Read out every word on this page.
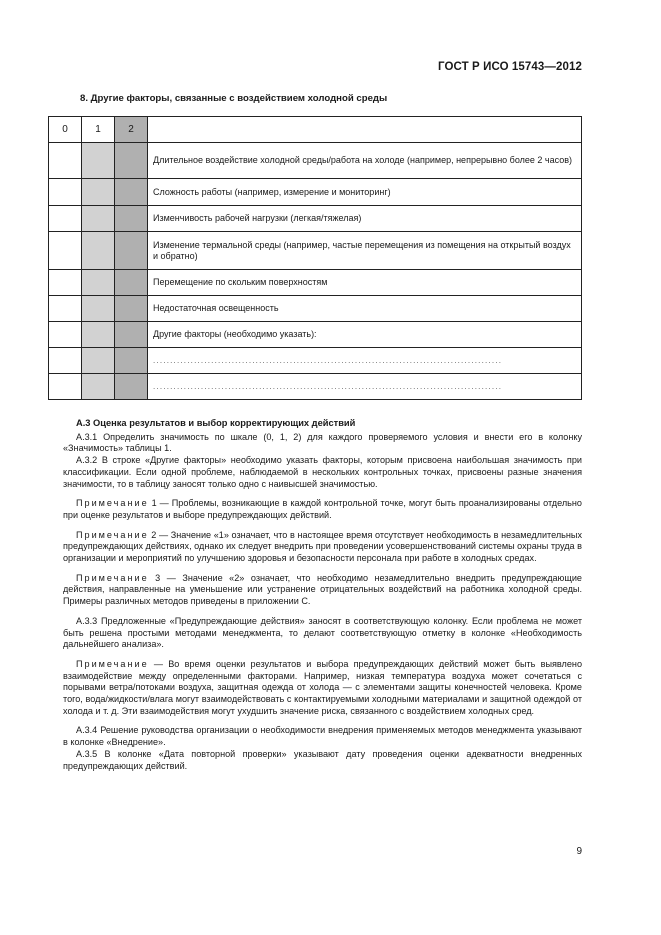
ГОСТ Р ИСО 15743—2012
8. Другие факторы, связанные с воздействием холодной среды
0	1	2	
			Длительное воздействие холодной среды/работа на холоде (например, непрерывно более 2 часов)
			Сложность работы (например, измерение и мониторинг)
			Изменчивость рабочей нагрузки (легкая/тяжелая)
			Изменение термальной среды (например, частые перемещения из помещения на открытый воздух и обратно)
			Перемещение по скольким поверхностям
			Недостаточная освещенность
			Другие факторы (необходимо указать):
			......................................................................................................
			......................................................................................................

А.3 Оценка результатов и выбор корректирующих действий

А.3.1 Определить значимость по шкале (0, 1, 2) для каждого проверяемого условия и внести его в колонку «Значимость» таблицы 1.

А.3.2 В строке «Другие факторы» необходимо указать факторы, которым присвоена наибольшая значимость при классификации. Если одной проблеме, наблюдаемой в нескольких контрольных точках, присвоены разные значения значимости, то в таблицу заносят только одно с наивысшей значимостью.

Примечание 1 — Проблемы, возникающие в каждой контрольной точке, могут быть проанализированы отдельно при оценке результатов и выборе предупреждающих действий.

Примечание 2 — Значение «1» означает, что в настоящее время отсутствует необходимость в незамедлительных предупреждающих действиях, однако их следует внедрить при проведении усовершенствований системы охраны труда в организации и мероприятий по улучшению здоровья и безопасности персонала при работе в холодных средах.

Примечание 3 — Значение «2» означает, что необходимо незамедлительно внедрить предупреждающие действия, направленные на уменьшение или устранение отрицательных воздействий на работника холодной среды. Примеры различных методов приведены в приложении С.

А.3.3 Предложенные «Предупреждающие действия» заносят в соответствующую колонку. Если проблема не может быть решена простыми методами менеджмента, то делают соответствующую отметку в колонке «Необходимость дальнейшего анализа».

Примечание — Во время оценки результатов и выбора предупреждающих действий может быть выявлено взаимодействие между определенными факторами. Например, низкая температура воздуха может сочетаться с порывами ветра/потоками воздуха, защитная одежда от холода — с элементами защиты конечностей человека. Кроме того, вода/жидкости/влага могут взаимодействовать с контактируемыми холодными материалами и защитной одеждой от холода и т. д. Эти взаимодействия могут ухудшить значение риска, связанного с воздействием холодных сред.

А.3.4 Решение руководства организации о необходимости внедрения применяемых методов менеджмента указывают в колонке «Внедрение».

А.3.5 В колонке «Дата повторной проверки» указывают дату проведения оценки адекватности внедренных предупреждающих действий.

9
